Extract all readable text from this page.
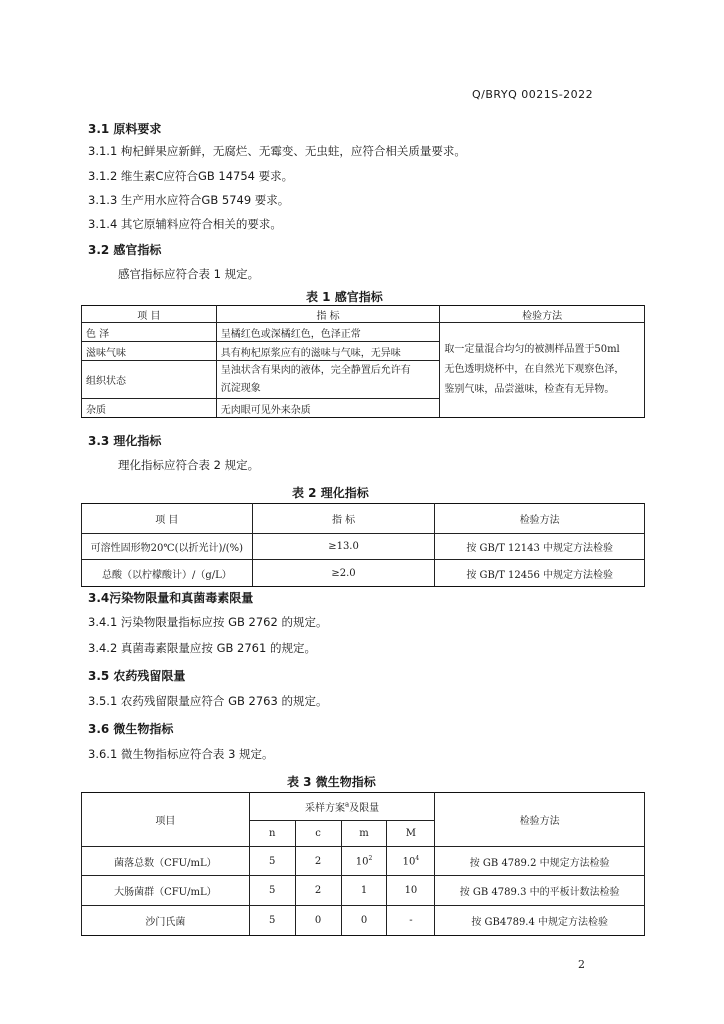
Q/BRYQ 0021S-2022
3.1 原料要求
3.1.1 枸杞鲜果应新鲜，无腐烂、无霉变、无虫蛀，应符合相关质量要求。
3.1.2 维生素C应符合GB 14754 要求。
3.1.3 生产用水应符合GB 5749 要求。
3.1.4 其它原辅料应符合相关的要求。
3.2 感官指标
感官指标应符合表 1 规定。
表 1 感官指标
项 目	指 标	检验方法
色 泽	呈橘红色或深橘红色，色泽正常	取一定量混合均匀的被测样品置于50ml
无色透明烧杯中，在自然光下观察色泽，
鉴别气味，品尝滋味，检查有无异物。

滋味气味	具有枸杞原浆应有的滋味与气味，无异味	
组织状态	呈浊状含有果肉的液体，完全静置后允许有
沉淀现象	

杂质	无肉眼可见外来杂质	
3.3 理化指标
理化指标应符合表 2 规定。
表 2 理化指标
项 目	指 标	检验方法
可溶性固形物20℃(以折光计)/(%)	≥13.0	按 GB/T 12143 中规定方法检验
总酸（以柠檬酸计）/（g/L）	≥2.0	按 GB/T 12456 中规定方法检验
3.4污染物限量和真菌毒素限量
3.4.1 污染物限量指标应按 GB 2762 的规定。
3.4.2 真菌毒素限量应按 GB 2761 的规定。
3.5 农药残留限量
3.5.1 农药残留限量应符合 GB 2763 的规定。
3.6 微生物指标
3.6.1 微生物指标应符合表 3 规定。
表 3 微生物指标
项目	采样方案$^a$及限量				检验方法
	n	c	m	M	
菌落总数（CFU/mL）	5	2	$10^2$	$10^4$	按 GB 4789.2 中规定方法检验
大肠菌群（CFU/mL）	5	2	1	10	按 GB 4789.3 中的平板计数法检验
沙门氏菌	5	0	0	-	按 GB4789.4 中规定方法检验
2
